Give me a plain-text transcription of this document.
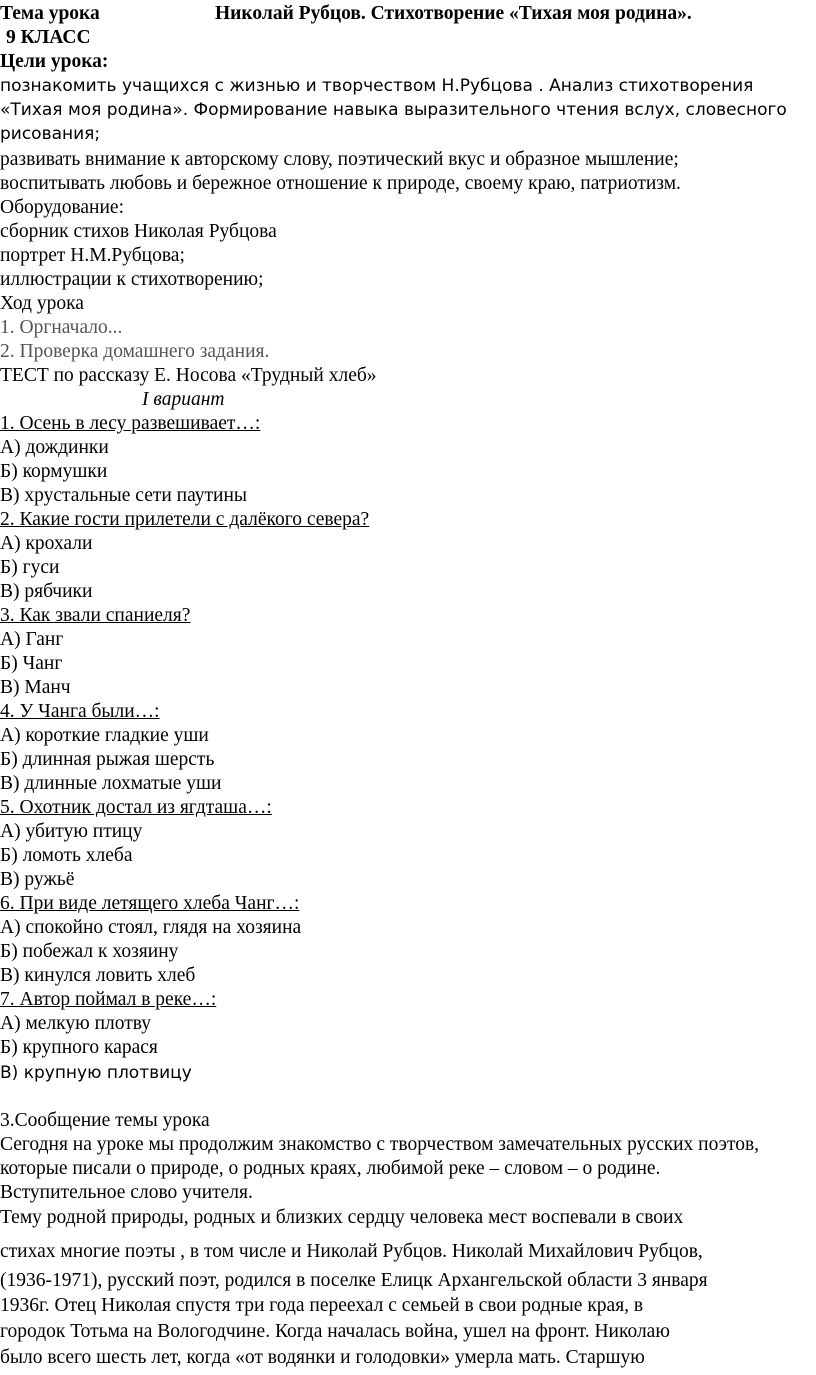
Тема урока	Николай Рубцов. Стихотворение «Тихая моя родина».
9 КЛАСС
Цели урока:
познакомить учащихся с жизнью и творчеством Н.Рубцова . Анализ стихотворения
«Тихая моя родина». Формирование навыка выразительного чтения вслух, словесного
рисования;
развивать внимание к авторскому слову, поэтический вкус и образное мышление;
воспитывать любовь и бережное отношение к природе, своему краю, патриотизм.
Оборудование:
сборник стихов Николая Рубцова
портрет Н.М.Рубцова;
иллюстрации к стихотворению;
Ход урока
1. Оргначало...
2. Проверка домашнего задания.
ТЕСТ по рассказу Е. Носова «Трудный хлеб»
I вариант
1. Осень в лесу развешивает…:
А) дождинки
Б) кормушки
В) хрустальные сети паутины
2. Какие гости прилетели с далёкого севера?
А) крохали
Б) гуси
В) рябчики
3. Как звали спаниеля?
А) Ганг
Б) Чанг
В) Манч
4. У Чанга были…:
А) короткие гладкие уши
Б) длинная рыжая шерсть
В) длинные лохматые уши
5. Охотник достал из ягдташа…:
А) убитую птицу
Б) ломоть хлеба
В) ружьё
6. При виде летящего хлеба Чанг…:
А) спокойно стоял, глядя на хозяина
Б) побежал к хозяину
В) кинулся ловить хлеб
7. Автор поймал в реке…:
А) мелкую плотву
Б) крупного карася
В) крупную плотвицу
3.Сообщение темы урока
Сегодня на уроке мы продолжим знакомство с творчеством замечательных русских поэтов,
которые писали о природе, о родных краях, любимой реке – словом – о родине.
Вступительное слово учителя.
Тему родной природы, родных и близких сердцу человека мест воспевали в своих
стихах многие поэты , в том числе и Николай Рубцов. Николай Михайлович Рубцов,
(1936-1971), русский поэт, родился в поселке Елицк Архангельской области 3 января
1936г. Отец Николая спустя три года переехал с семьей в свои родные края, в
городок Тотьма на Вологодчине. Когда началась война, ушел на фронт. Николаю
было всего шесть лет, когда «от водянки и голодовки» умерла мать. Старшую
